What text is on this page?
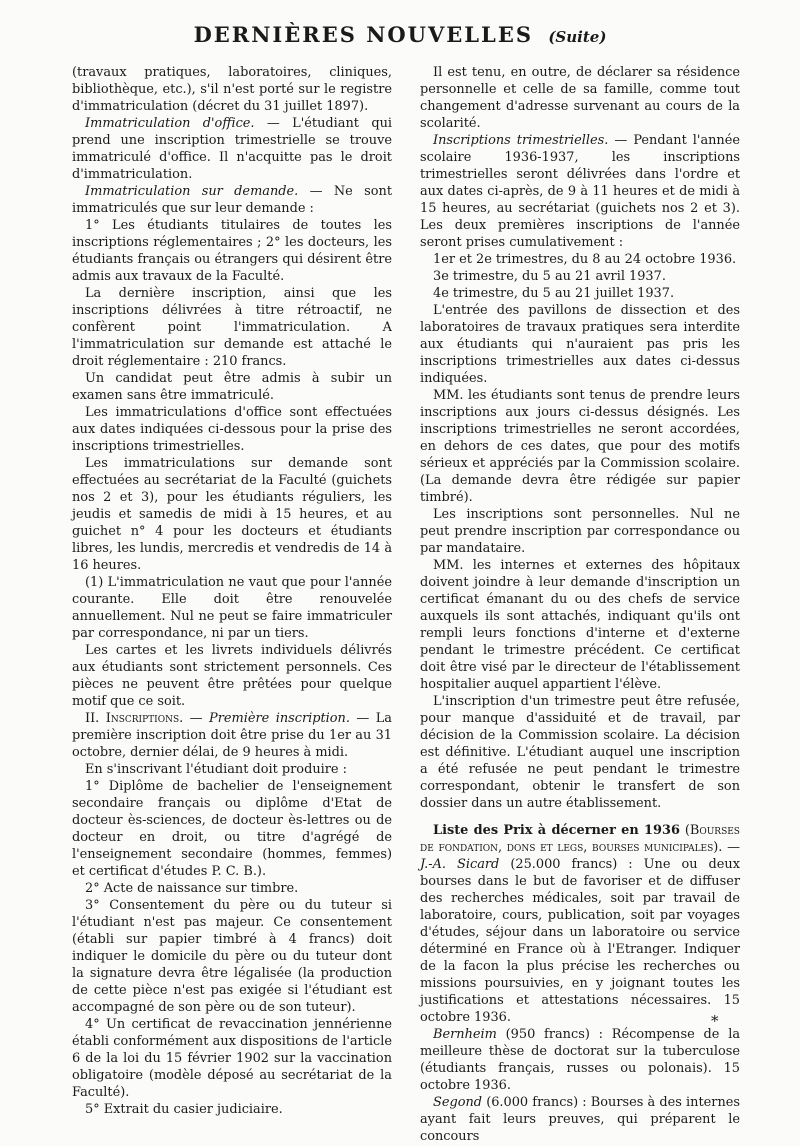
DERNIÈRES NOUVELLES (Suite)

(travaux pratiques, laboratoires, cliniques, bibliothèque, etc.), s'il n'est porté sur le registre d'immatriculation (décret du 31 juillet 1897).

Immatriculation d'office. — L'étudiant qui prend une inscription trimestrielle se trouve immatriculé d'office. Il n'acquitte pas le droit d'immatriculation.

Immatriculation sur demande. — Ne sont immatriculés que sur leur demande :

1° Les étudiants titulaires de toutes les inscriptions réglementaires ; 2° les docteurs, les étudiants français ou étrangers qui désirent être admis aux travaux de la Faculté.

La dernière inscription, ainsi que les inscriptions délivrées à titre rétroactif, ne confèrent point l'immatriculation. A l'immatriculation sur demande est attaché le droit réglementaire : 210 francs.

Un candidat peut être admis à subir un examen sans être immatriculé.

Les immatriculations d'office sont effectuées aux dates indiquées ci-dessous pour la prise des inscriptions trimestrielles.

Les immatriculations sur demande sont effectuées au secrétariat de la Faculté (guichets nos 2 et 3), pour les étudiants réguliers, les jeudis et samedis de midi à 15 heures, et au guichet n° 4 pour les docteurs et étudiants libres, les lundis, mercredis et vendredis de 14 à 16 heures.

(1) L'immatriculation ne vaut que pour l'année courante. Elle doit être renouvelée annuellement. Nul ne peut se faire immatriculer par correspondance, ni par un tiers.

Les cartes et les livrets individuels délivrés aux étudiants sont strictement personnels. Ces pièces ne peuvent être prêtées pour quelque motif que ce soit.

II. Inscriptions. — Première inscription. — La première inscription doit être prise du 1er au 31 octobre, dernier délai, de 9 heures à midi.

En s'inscrivant l'étudiant doit produire :

1° Diplôme de bachelier de l'enseignement secondaire français ou diplôme d'Etat de docteur ès-sciences, de docteur ès-lettres ou de docteur en droit, ou titre d'agrégé de l'enseignement secondaire (hommes, femmes) et certificat d'études P. C. B.).

2° Acte de naissance sur timbre.

3° Consentement du père ou du tuteur si l'étudiant n'est pas majeur. Ce consentement (établi sur papier timbré à 4 francs) doit indiquer le domicile du père ou du tuteur dont la signature devra être légalisée (la production de cette pièce n'est pas exigée si l'étudiant est accompagné de son père ou de son tuteur).

4° Un certificat de revaccination jennérienne établi conformément aux dispositions de l'article 6 de la loi du 15 février 1902 sur la vaccination obligatoire (modèle déposé au secrétariat de la Faculté).

5° Extrait du casier judiciaire.

Il est tenu, en outre, de déclarer sa résidence personnelle et celle de sa famille, comme tout changement d'adresse survenant au cours de la scolarité.

Inscriptions trimestrielles. — Pendant l'année scolaire 1936-1937, les inscriptions trimestrielles seront délivrées dans l'ordre et aux dates ci-après, de 9 à 11 heures et de midi à 15 heures, au secrétariat (guichets nos 2 et 3). Les deux premières inscriptions de l'année seront prises cumulativement :

1er et 2e trimestres, du 8 au 24 octobre 1936.

3e trimestre, du 5 au 21 avril 1937.

4e trimestre, du 5 au 21 juillet 1937.

L'entrée des pavillons de dissection et des laboratoires de travaux pratiques sera interdite aux étudiants qui n'auraient pas pris les inscriptions trimestrielles aux dates ci-dessus indiquées.

MM. les étudiants sont tenus de prendre leurs inscriptions aux jours ci-dessus désignés. Les inscriptions trimestrielles ne seront accordées, en dehors de ces dates, que pour des motifs sérieux et appréciés par la Commission scolaire. (La demande devra être rédigée sur papier timbré).

Les inscriptions sont personnelles. Nul ne peut prendre inscription par correspondance ou par mandataire.

MM. les internes et externes des hôpitaux doivent joindre à leur demande d'inscription un certificat émanant du ou des chefs de service auxquels ils sont attachés, indiquant qu'ils ont rempli leurs fonctions d'interne et d'externe pendant le trimestre précédent. Ce certificat doit être visé par le directeur de l'établissement hospitalier auquel appartient l'élève.

L'inscription d'un trimestre peut être refusée, pour manque d'assiduité et de travail, par décision de la Commission scolaire. La décision est définitive. L'étudiant auquel une inscription a été refusée ne peut pendant le trimestre correspondant, obtenir le transfert de son dossier dans un autre établissement.

Liste des Prix à décerner en 1936 (Bourses de fondation, dons et legs, bourses municipales). — J.-A. Sicard (25.000 francs) : Une ou deux bourses dans le but de favoriser et de diffuser des recherches médicales, soit par travail de laboratoire, cours, publication, soit par voyages d'études, séjour dans un laboratoire ou service déterminé en France où à l'Etranger. Indiquer de la facon la plus précise les recherches ou missions poursuivies, en y joignant toutes les justifications et attestations nécessaires. 15 octobre 1936.

Bernheim (950 francs) : Récompense de la meilleure thèse de doctorat sur la tuberculose (étudiants français, russes ou polonais). 15 octobre 1936.

Segond (6.000 francs) : Bourses à des internes ayant fait leurs preuves, qui préparent le concours

*
